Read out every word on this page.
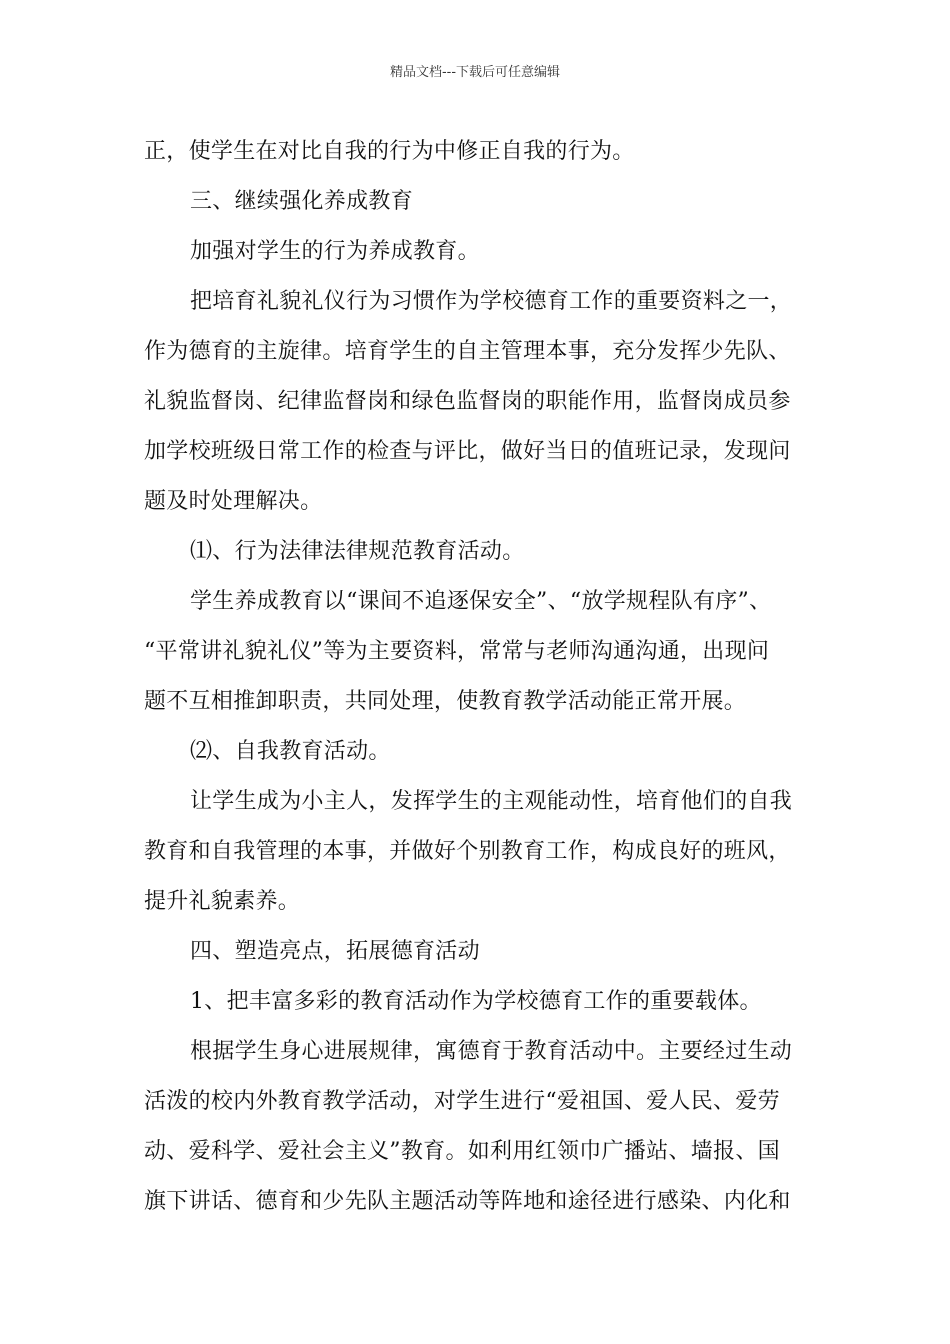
精品文档---下载后可任意编辑
正，使学生在对比自我的行为中修正自我的行为。
三、继续强化养成教育
加强对学生的行为养成教育。
把培育礼貌礼仪行为习惯作为学校德育工作的重要资料之一，
作为德育的主旋律。培育学生的自主管理本事，充分发挥少先队、
礼貌监督岗、纪律监督岗和绿色监督岗的职能作用，监督岗成员参
加学校班级日常工作的检查与评比，做好当日的值班记录，发现问
题及时处理解决。
⑴、行为法律法律规范教育活动。
学生养成教育以“课间不追逐保安全”、“放学规程队有序”、
“平常讲礼貌礼仪”等为主要资料，常常与老师沟通沟通，出现问
题不互相推卸职责，共同处理，使教育教学活动能正常开展。
⑵、自我教育活动。
让学生成为小主人，发挥学生的主观能动性，培育他们的自我
教育和自我管理的本事，并做好个别教育工作，构成良好的班风，
提升礼貌素养。
四、塑造亮点，拓展德育活动
1、把丰富多彩的教育活动作为学校德育工作的重要载体。
根据学生身心进展规律，寓德育于教育活动中。主要经过生动
活泼的校内外教育教学活动，对学生进行“爱祖国、爱人民、爱劳
动、爱科学、爱社会主义”教育。如利用红领巾广播站、墙报、国
旗下讲话、德育和少先队主题活动等阵地和途径进行感染、内化和
